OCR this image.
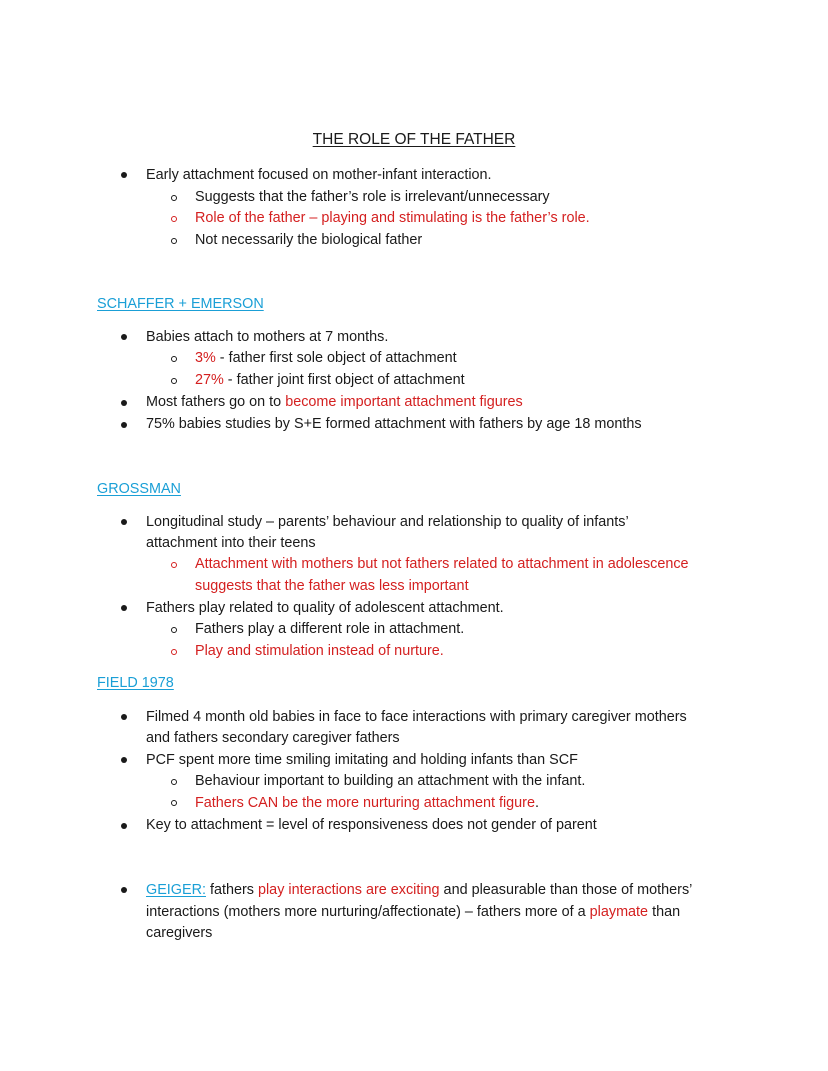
THE ROLE OF THE FATHER
Early attachment focused on mother-infant interaction.
Suggests that the father’s role is irrelevant/unnecessary
Role of the father – playing and stimulating is the father’s role.
Not necessarily the biological father
SCHAFFER + EMERSON
Babies attach to mothers at 7 months.
3% - father first sole object of attachment
27% - father joint first object of attachment
Most fathers go on to become important attachment figures
75% babies studies by S+E formed attachment with fathers by age 18 months
GROSSMAN
Longitudinal study – parents’ behaviour and relationship to quality of infants’
attachment into their teens
Attachment with mothers but not fathers related to attachment in adolescence
suggests that the father was less important
Fathers play related to quality of adolescent attachment.
Fathers play a different role in attachment.
Play and stimulation instead of nurture.
FIELD 1978
Filmed 4 month old babies in face to face interactions with primary caregiver mothers
and fathers secondary caregiver fathers
PCF spent more time smiling imitating and holding infants than SCF
Behaviour important to building an attachment with the infant.
Fathers CAN be the more nurturing attachment figure.
Key to attachment = level of responsiveness does not gender of parent
GEIGER: fathers play interactions are exciting and pleasurable than those of mothers’
interactions (mothers more nurturing/affectionate) – fathers more of a playmate than
caregivers
